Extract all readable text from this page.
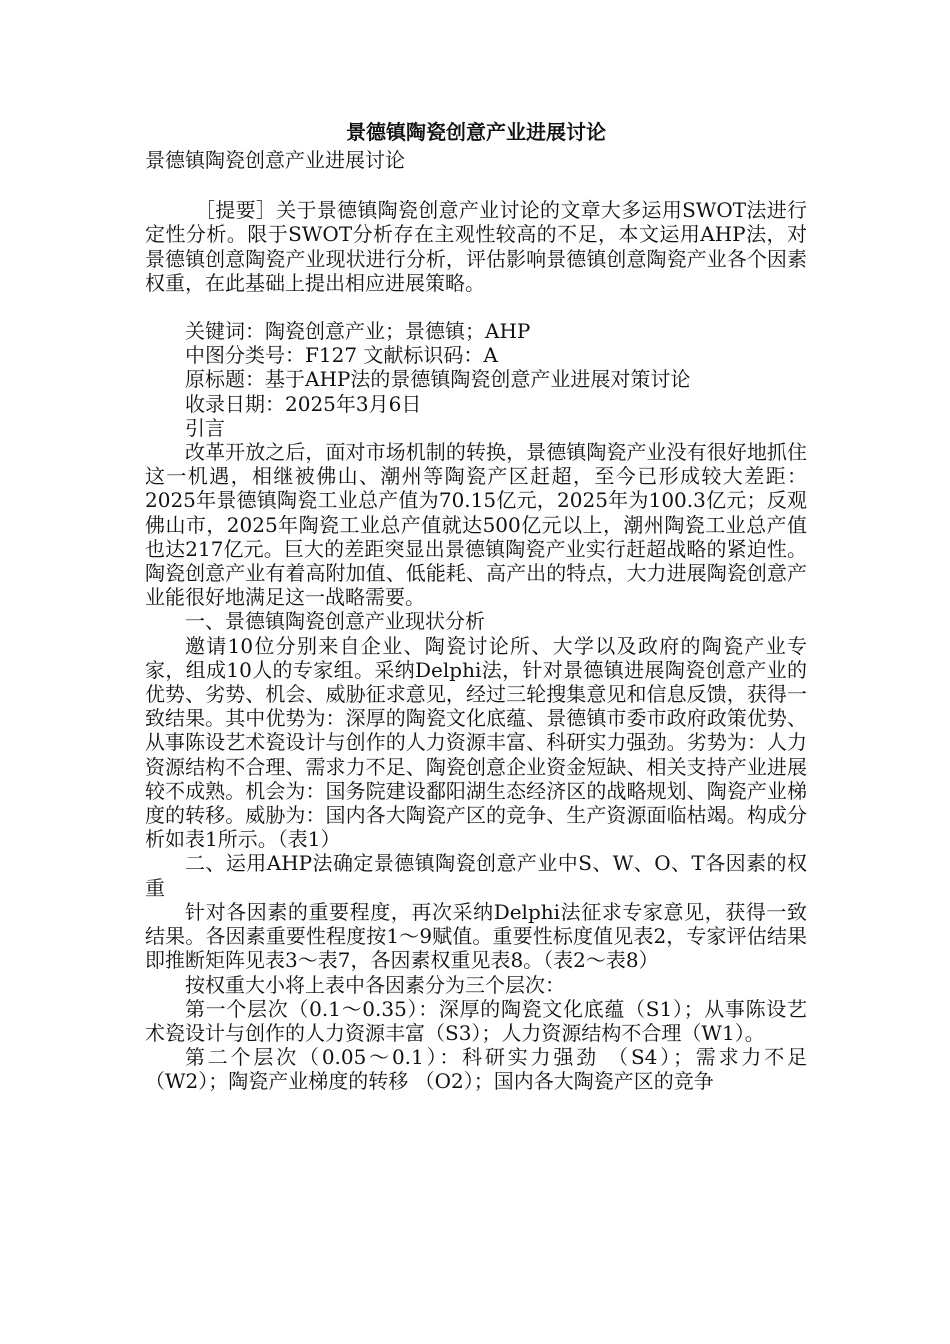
景德镇陶瓷创意产业进展讨论

景德镇陶瓷创意产业进展讨论

［提要］关于景德镇陶瓷创意产业讨论的文章大多运用SWOT法进行定性分析。限于SWOT分析存在主观性较高的不足，本文运用AHP法，对景德镇创意陶瓷产业现状进行分析，评估影响景德镇创意陶瓷产业各个因素权重，在此基础上提出相应进展策略。

关键词：陶瓷创意产业；景德镇；AHP

中图分类号：F127 文献标识码：A

原标题：基于AHP法的景德镇陶瓷创意产业进展对策讨论

收录日期：2025年3月6日

引言

改革开放之后，面对市场机制的转换，景德镇陶瓷产业没有很好地抓住这一机遇，相继被佛山、潮州等陶瓷产区赶超，至今已形成较大差距：2025年景德镇陶瓷工业总产值为70.15亿元，2025年为100.3亿元；反观佛山市，2025年陶瓷工业总产值就达500亿元以上，潮州陶瓷工业总产值也达217亿元。巨大的差距突显出景德镇陶瓷产业实行赶超战略的紧迫性。陶瓷创意产业有着高附加值、低能耗、高产出的特点，大力进展陶瓷创意产业能很好地满足这一战略需要。

一、景德镇陶瓷创意产业现状分析

邀请10位分别来自企业、陶瓷讨论所、大学以及政府的陶瓷产业专家，组成10人的专家组。采纳Delphi法，针对景德镇进展陶瓷创意产业的优势、劣势、机会、威胁征求意见，经过三轮搜集意见和信息反馈，获得一致结果。其中优势为：深厚的陶瓷文化底蕴、景德镇市委市政府政策优势、从事陈设艺术瓷设计与创作的人力资源丰富、科研实力强劲。劣势为：人力资源结构不合理、需求力不足、陶瓷创意企业资金短缺、相关支持产业进展较不成熟。机会为：国务院建设鄱阳湖生态经济区的战略规划、陶瓷产业梯度的转移。威胁为：国内各大陶瓷产区的竞争、生产资源面临枯竭。构成分析如表1所示。（表1）

二、运用AHP法确定景德镇陶瓷创意产业中S、W、O、T各因素的权重

针对各因素的重要程度，再次采纳Delphi法征求专家意见，获得一致结果。各因素重要性程度按1～9赋值。重要性标度值见表2，专家评估结果即推断矩阵见表3～表7，各因素权重见表8。（表2～表8）

按权重大小将上表中各因素分为三个层次：

第一个层次（0.1～0.35）：深厚的陶瓷文化底蕴（S1）；从事陈设艺术瓷设计与创作的人力资源丰富（S3）；人力资源结构不合理（W1）。

第二个层次（0.05～0.1）：科研实力强劲 （S4）；需求力不足（W2）；陶瓷产业梯度的转移 （O2）；国内各大陶瓷产区的竞争
